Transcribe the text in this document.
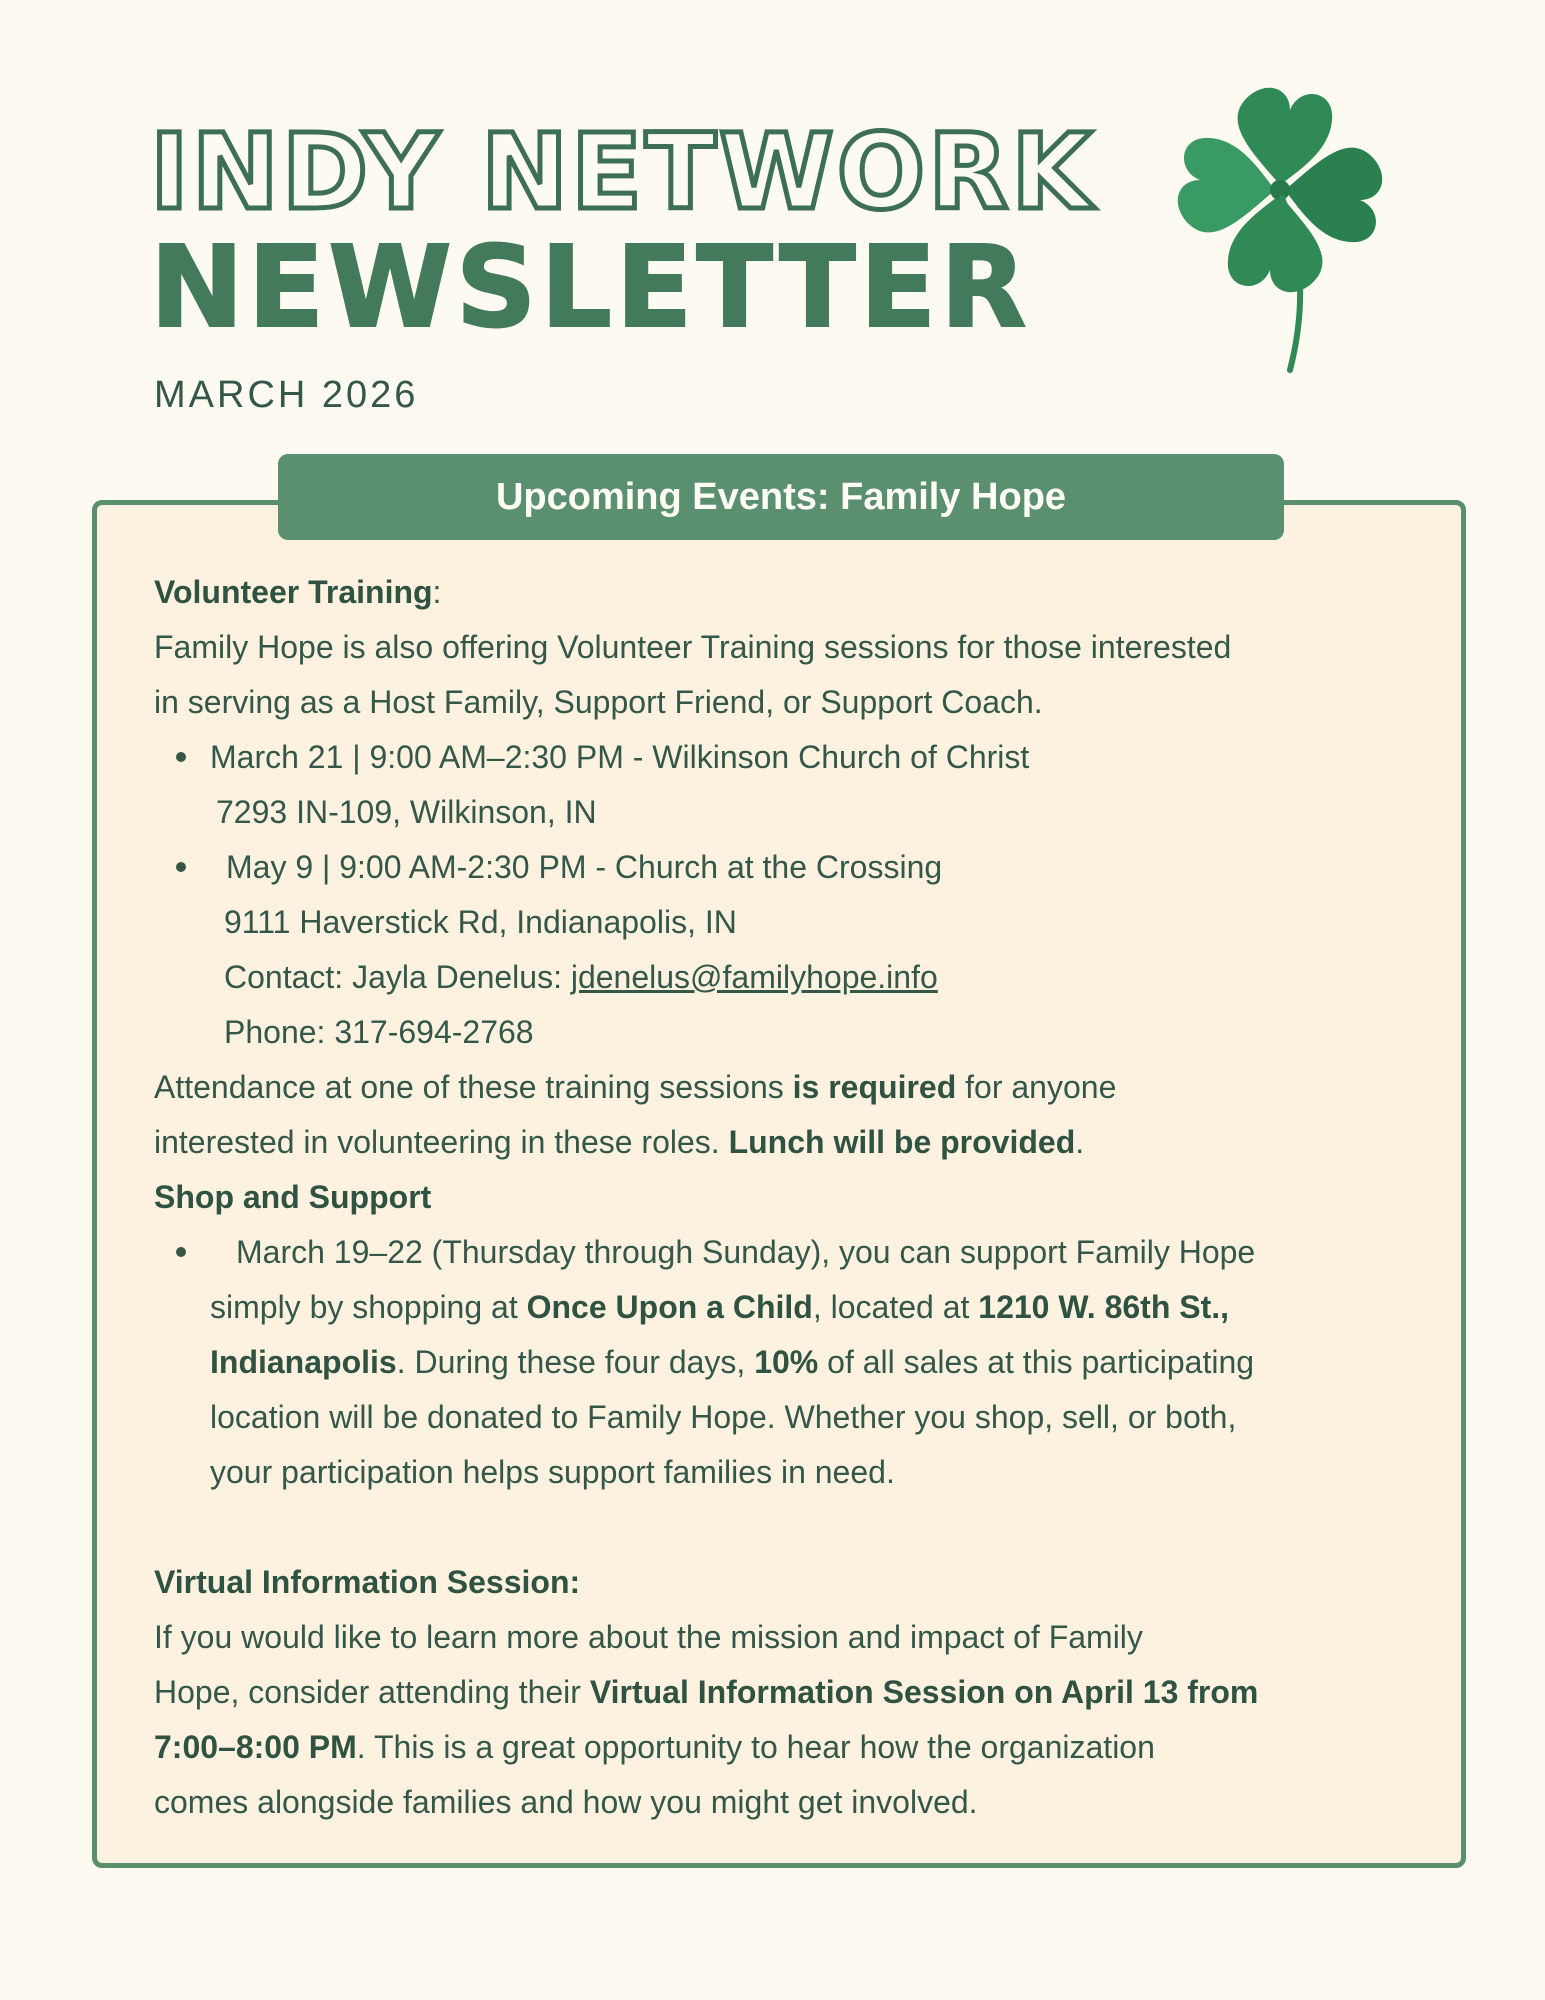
INDY NETWORK
NEWSLETTER
MARCH 2026
Upcoming Events: Family Hope

Volunteer Training:

Family Hope is also offering Volunteer Training sessions for those interested

in serving as a Host Family, Support Friend, or Support Coach.

March 21 | 9:00 AM–2:30 PM - Wilkinson Church of Christ

7293 IN-109, Wilkinson, IN

May 9 | 9:00 AM-2:30 PM - Church at the Crossing

9111 Haverstick Rd, Indianapolis, IN

Contact: Jayla Denelus: jdenelus@familyhope.info

Phone: 317-694-2768

Attendance at one of these training sessions is required for anyone

interested in volunteering in these roles. Lunch will be provided.

Shop and Support

March 19–22 (Thursday through Sunday), you can support Family Hope

simply by shopping at Once Upon a Child, located at 1210 W. 86th St.,

Indianapolis. During these four days, 10% of all sales at this participating

location will be donated to Family Hope. Whether you shop, sell, or both,

your participation helps support families in need.

Virtual Information Session:

If you would like to learn more about the mission and impact of Family

Hope, consider attending their Virtual Information Session on April 13 from

7:00–8:00 PM. This is a great opportunity to hear how the organization

comes alongside families and how you might get involved.
